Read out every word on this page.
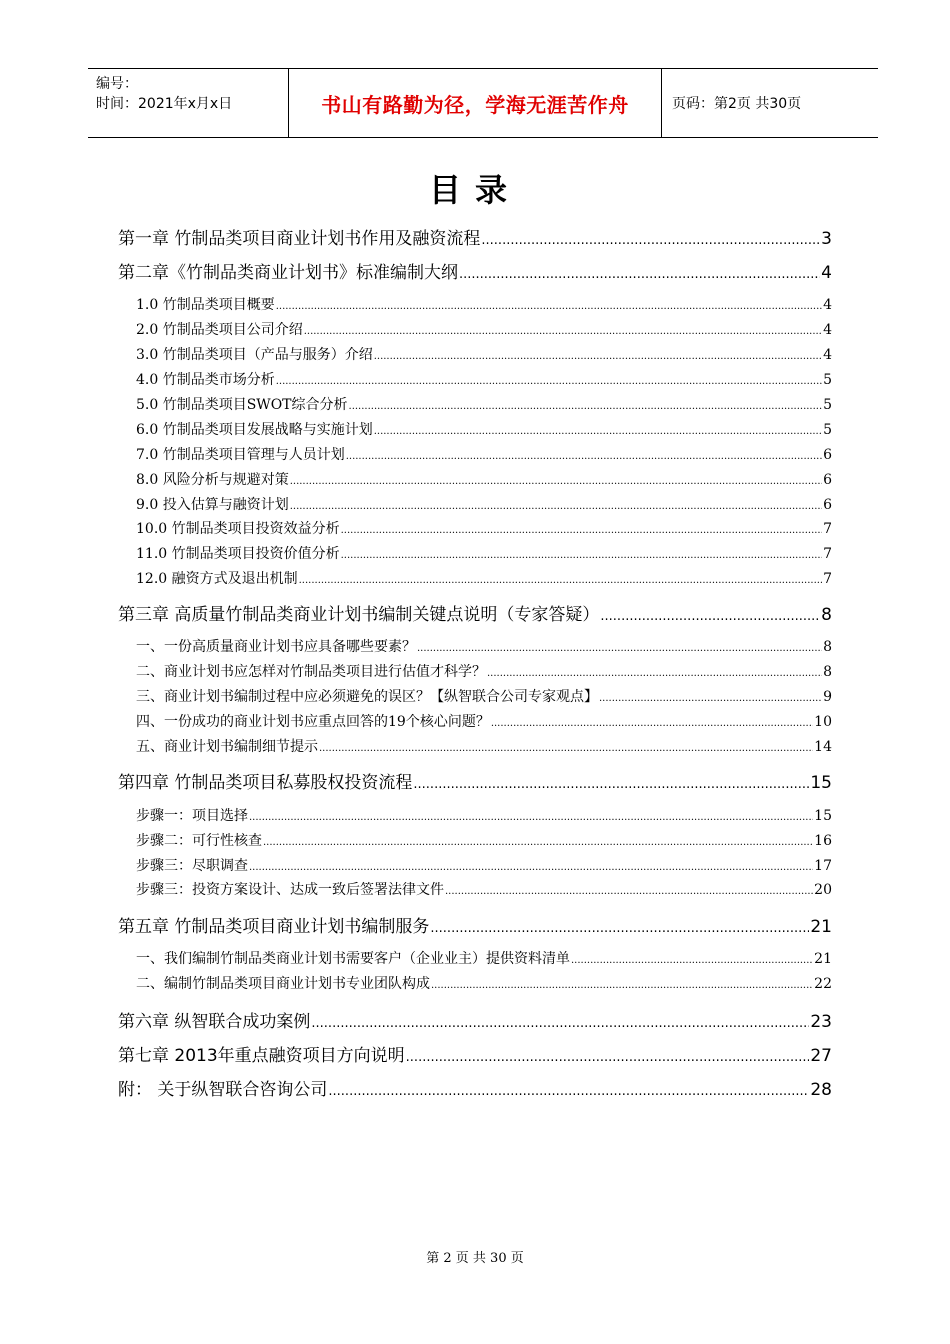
编号：
时间：2021年x月x日	书山有路勤为径，学海无涯苦作舟	页码：第2页 共30页
目录
第一章 竹制品类项目商业计划书作用及融资流程 .....	3
第二章《竹制品类商业计划书》标准编制大纲 .....	4
1.0 竹制品类项目概要 .....	4
2.0 竹制品类项目公司介绍 .....	4
3.0 竹制品类项目（产品与服务）介绍 .....	4
4.0 竹制品类市场分析 .....	5
5.0 竹制品类项目SWOT综合分析 .....	5
6.0 竹制品类项目发展战略与实施计划 .....	5
7.0 竹制品类项目管理与人员计划 .....	6
8.0 风险分析与规避对策 .....	6
9.0 投入估算与融资计划 .....	6
10.0 竹制品类项目投资效益分析 .....	7
11.0 竹制品类项目投资价值分析 .....	7
12.0 融资方式及退出机制 .....	7
第三章 高质量竹制品类商业计划书编制关键点说明（专家答疑） .....	8
一、一份高质量商业计划书应具备哪些要素？ .....	8
二、商业计划书应怎样对竹制品类项目进行估值才科学？ .....	8
三、商业计划书编制过程中应必须避免的误区？【纵智联合公司专家观点】 .....	9
四、一份成功的商业计划书应重点回答的19个核心问题？ .....	10
五、商业计划书编制细节提示 .....	14
第四章 竹制品类项目私募股权投资流程 .....	15
步骤一：项目选择 .....	15
步骤二：可行性核查 .....	16
步骤三：尽职调查 .....	17
步骤三：投资方案设计、达成一致后签署法律文件 .....	20
第五章 竹制品类项目商业计划书编制服务 .....	21
一、我们编制竹制品类商业计划书需要客户（企业业主）提供资料清单 .....	21
二、编制竹制品类项目商业计划书专业团队构成 .....	22
第六章 纵智联合成功案例 .....	23
第七章 2013年重点融资项目方向说明 .....	27
附： 关于纵智联合咨询公司 .....	28
第 2 页 共 30 页
